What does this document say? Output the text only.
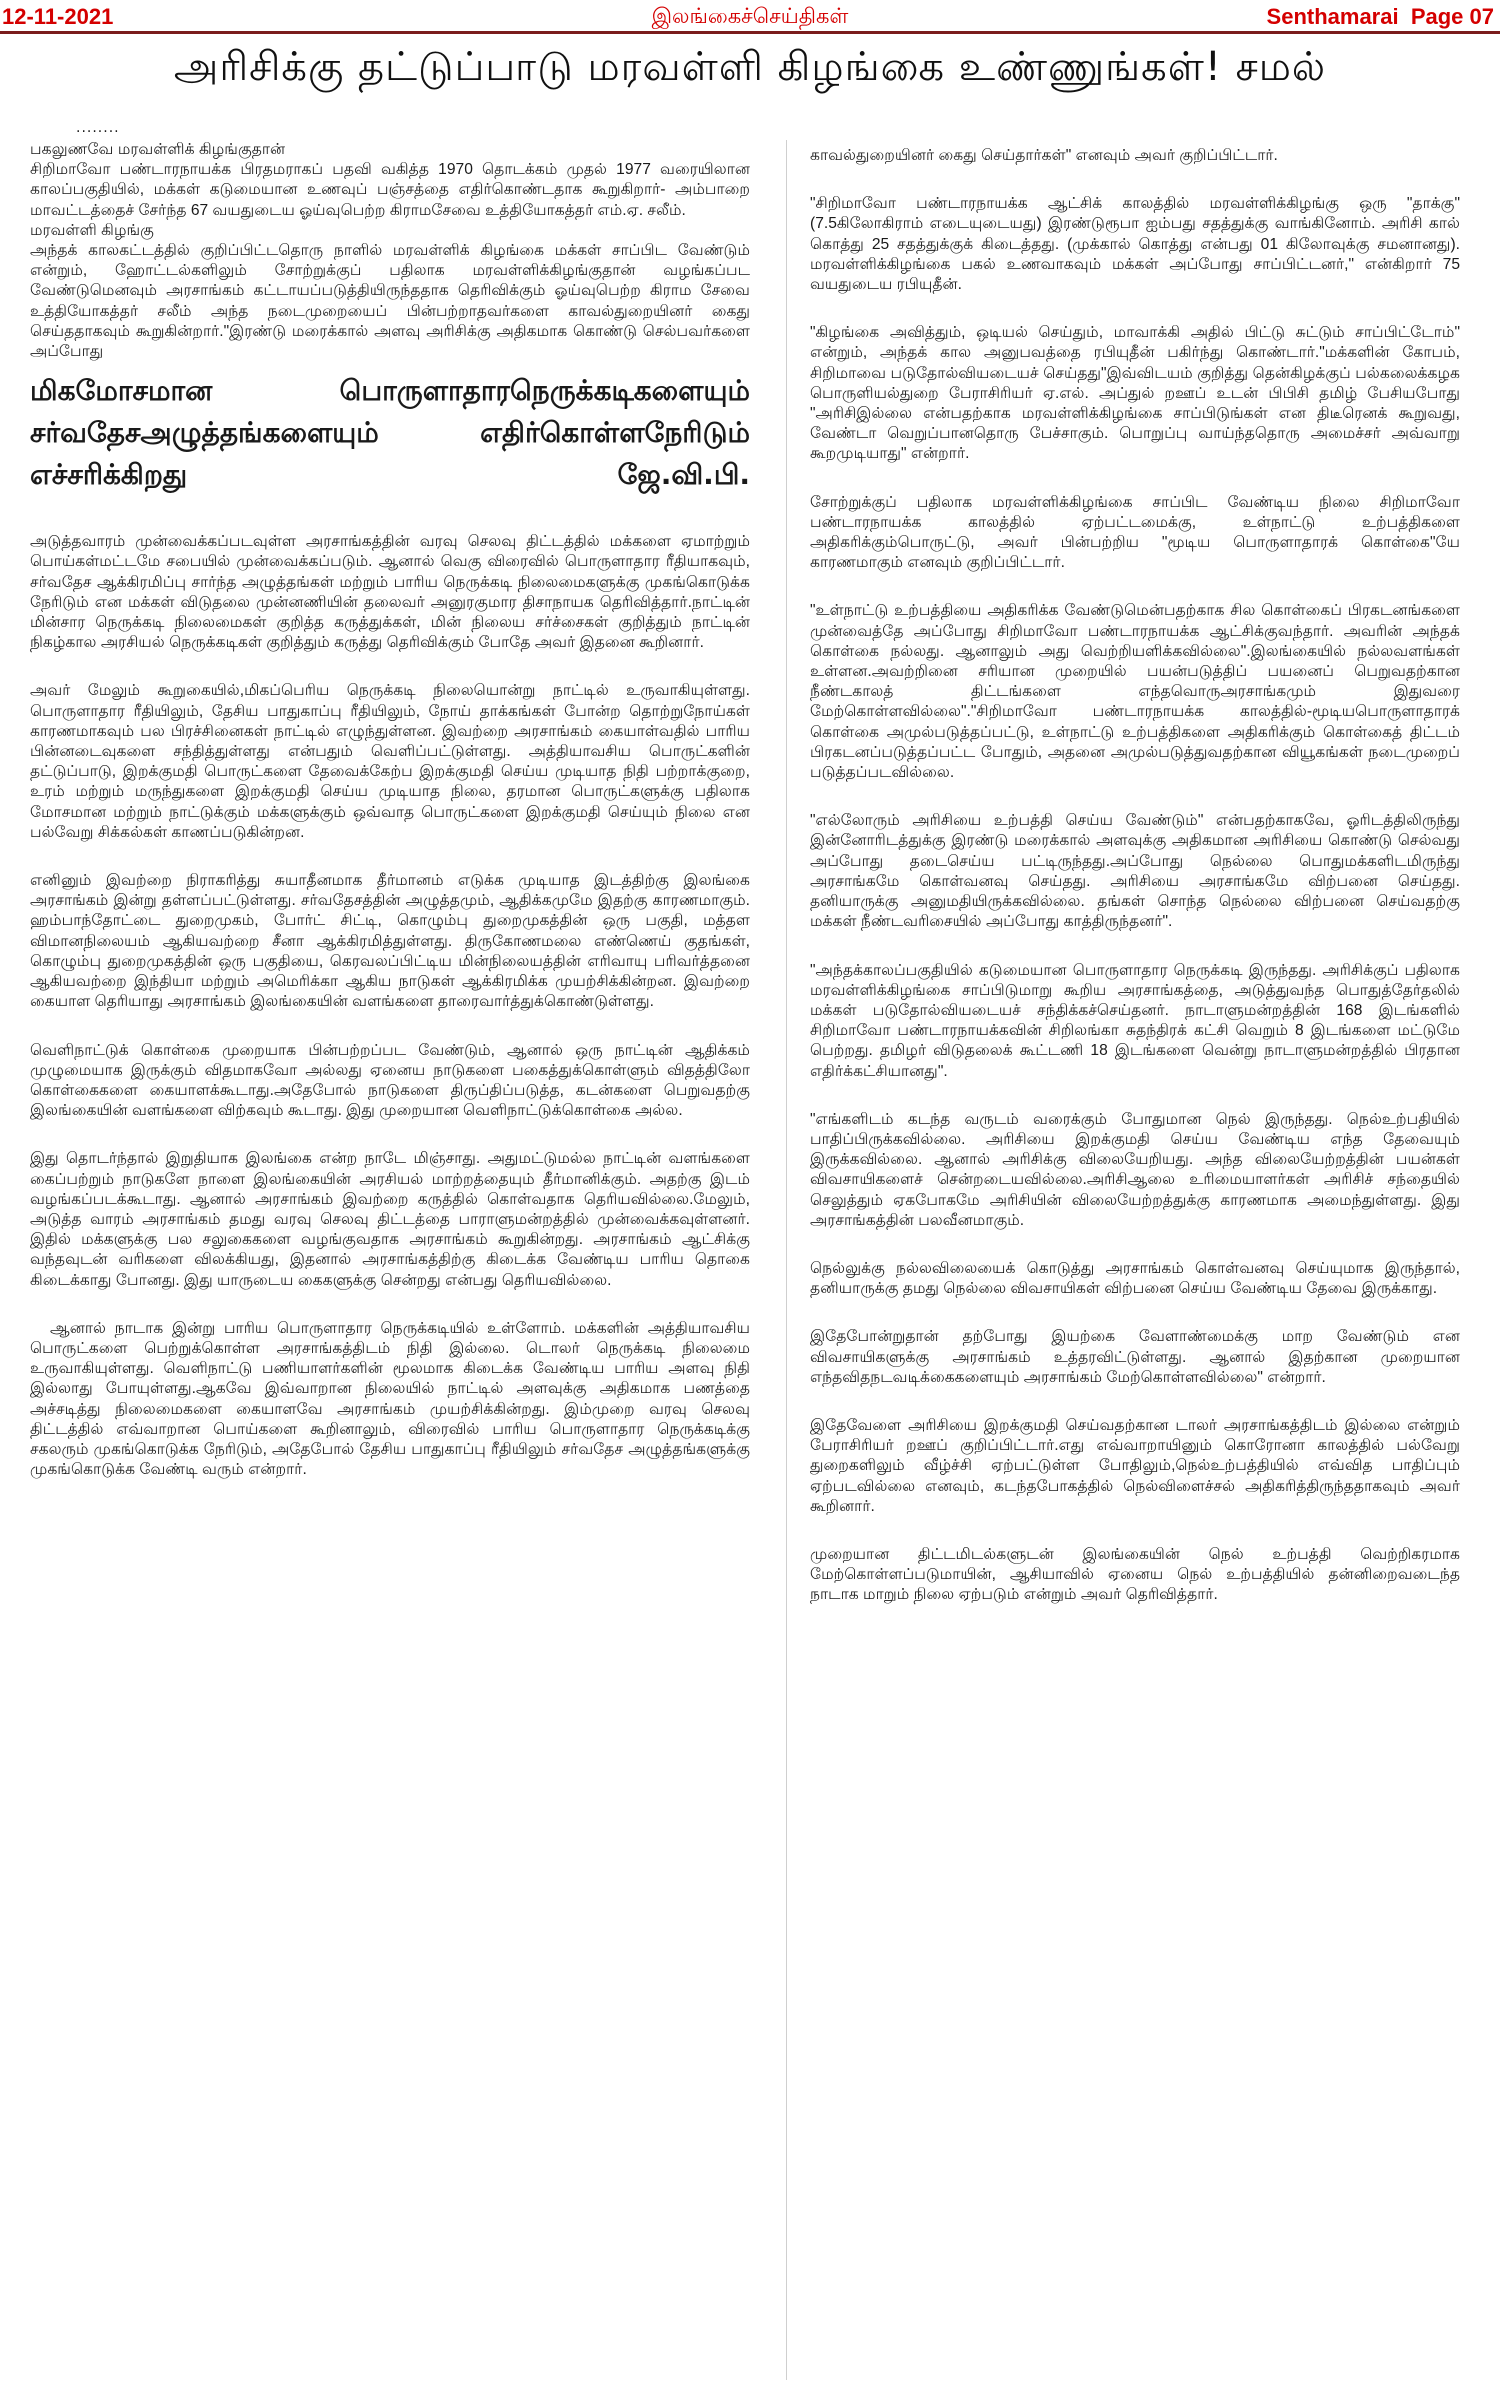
12-11-2021	இலங்கைச்செய்திகள்	Senthamarai Page 07
அரிசிக்கு தட்டுப்பாடு மரவள்ளி கிழங்கை உண்ணுங்கள்! சமல்
........

பகலுணவே மரவள்ளிக் கிழங்குதான்

சிறிமாவோ பண்டாரநாயக்க பிரதமராகப் பதவி வகித்த 1970 தொடக்கம் முதல் 1977 வரையிலான காலப்பகுதியில், மக்கள் கடுமையான உணவுப் பஞ்சத்தை எதிர்கொண்டதாக கூறுகிறார்- அம்பாறை மாவட்டத்தைச் சேர்ந்த 67 வயதுடைய ஓய்வுபெற்ற கிராமசேவை உத்தியோகத்தர் எம்.ஏ. சலீம்.

மரவள்ளி கிழங்கு

அந்தக் காலகட்டத்தில் குறிப்பிட்டதொரு நாளில் மரவள்ளிக் கிழங்கை மக்கள் சாப்பிட வேண்டும் என்றும், ஹோட்டல்களிலும் சோற்றுக்குப் பதிலாக மரவள்ளிக்கிழங்குதான் வழங்கப்பட வேண்டுமெனவும் அரசாங்கம் கட்டாயப்படுத்தியிருந்ததாக தெரிவிக்கும் ஓய்வுபெற்ற கிராம சேவை உத்தியோகத்தர் சலீம் அந்த நடைமுறையைப் பின்பற்றாதவர்களை காவல்துறையினர் கைது செய்ததாகவும் கூறுகின்றார்."இரண்டு மரைக்கால் அளவு அரிசிக்கு அதிகமாக கொண்டு செல்பவர்களை அப்போது

மிகமோசமான பொருளாதாரநெருக்கடிகளையும் சர்வதேசஅழுத்தங்களையும் எதிர்கொள்ளநேரிடும் எச்சரிக்கிறது ஜே.வி.பி.

அடுத்தவாரம் முன்வைக்கப்படவுள்ள அரசாங்கத்தின் வரவு செலவு திட்டத்தில் மக்களை ஏமாற்றும் பொய்கள்மட்டமே சபையில் முன்வைக்கப்படும். ஆனால் வெகு விரைவில் பொருளாதார ரீதியாகவும், சர்வதேச ஆக்கிரமிப்பு சார்ந்த அழுத்தங்கள் மற்றும் பாரிய நெருக்கடி நிலைமைகளுக்கு முகங்கொடுக்க நேரிடும் என மக்கள் விடுதலை முன்னணியின் தலைவர் அனுரகுமார திசாநாயக தெரிவித்தார்.நாட்டின் மின்சார நெருக்கடி நிலைமைகள் குறித்த கருத்துக்கள், மின் நிலைய சர்ச்சைகள் குறித்தும் நாட்டின் நிகழ்கால அரசியல் நெருக்கடிகள் குறித்தும் கருத்து தெரிவிக்கும் போதே அவர் இதனை கூறினார்.

அவர் மேலும் கூறுகையில்,மிகப்பெரிய நெருக்கடி நிலையொன்று நாட்டில் உருவாகியுள்ளது. பொருளாதார ரீதியிலும், தேசிய பாதுகாப்பு ரீதியிலும், நோய் தாக்கங்கள் போன்ற தொற்றுநோய்கள் காரணமாகவும் பல பிரச்சினைகள் நாட்டில் எழுந்துள்ளன. இவற்றை அரசாங்கம் கையாள்வதில் பாரிய பின்னடைவுகளை சந்தித்துள்ளது என்பதும் வெளிப்பட்டுள்ளது. அத்தியாவசிய பொருட்களின் தட்டுப்பாடு, இறக்குமதி பொருட்களை தேவைக்கேற்ப இறக்குமதி செய்ய முடியாத நிதி பற்றாக்குறை, உரம் மற்றும் மருந்துகளை இறக்குமதி செய்ய முடியாத நிலை, தரமான பொருட்களுக்கு பதிலாக மோசமான மற்றும் நாட்டுக்கும் மக்களுக்கும் ஒவ்வாத பொருட்களை இறக்குமதி செய்யும் நிலை என பல்வேறு சிக்கல்கள் காணப்படுகின்றன.

எனினும் இவற்றை நிராகரித்து சுயாதீனமாக தீர்மானம் எடுக்க முடியாத இடத்திற்கு இலங்கை அரசாங்கம் இன்று தள்ளப்பட்டுள்ளது. சர்வதேசத்தின் அழுத்தமும், ஆதிக்கமுமே இதற்கு காரணமாகும். ஹம்பாந்தோட்டை துறைமுகம், போர்ட் சிட்டி, கொழும்பு துறைமுகத்தின் ஒரு பகுதி, மத்தள விமானநிலையம் ஆகியவற்றை சீனா ஆக்கிரமித்துள்ளது. திருகோணமலை எண்ணெய் குதங்கள், கொழும்பு துறைமுகத்தின் ஒரு பகுதியை, கெரவலப்பிட்டிய மின்நிலையத்தின் எரிவாயு பரிவர்த்தனை ஆகியவற்றை இந்தியா மற்றும் அமெரிக்கா ஆகிய நாடுகள் ஆக்கிரமிக்க முயற்சிக்கின்றன. இவற்றை கையாள தெரியாது அரசாங்கம் இலங்கையின் வளங்களை தாரைவார்த்துக்கொண்டுள்ளது.

வெளிநாட்டுக் கொள்கை முறையாக பின்பற்றப்பட வேண்டும், ஆனால் ஒரு நாட்டின் ஆதிக்கம் முழுமையாக இருக்கும் விதமாகவோ அல்லது ஏனைய நாடுகளை பகைத்துக்கொள்ளும் விதத்திலோ கொள்கைகளை கையாளக்கூடாது.அதேபோல் நாடுகளை திருப்திப்படுத்த, கடன்களை பெறுவதற்கு இலங்கையின் வளங்களை விற்கவும் கூடாது. இது முறையான வெளிநாட்டுக்கொள்கை அல்ல.

இது தொடர்ந்தால் இறுதியாக இலங்கை என்ற நாடே மிஞ்சாது. அதுமட்டுமல்ல நாட்டின் வளங்களை கைப்பற்றும் நாடுகளே நாளை இலங்கையின் அரசியல் மாற்றத்தையும் தீர்மானிக்கும். அதற்கு இடம் வழங்கப்படக்கூடாது. ஆனால் அரசாங்கம் இவற்றை கருத்தில் கொள்வதாக தெரியவில்லை.மேலும், அடுத்த வாரம் அரசாங்கம் தமது வரவு செலவு திட்டத்தை பாராளுமன்றத்தில் முன்வைக்கவுள்ளனர். இதில் மக்களுக்கு பல சலுகைகளை வழங்குவதாக அரசாங்கம் கூறுகின்றது. அரசாங்கம் ஆட்சிக்கு வந்தவுடன் வரிகளை விலக்கியது, இதனால் அரசாங்கத்திற்கு கிடைக்க வேண்டிய பாரிய தொகை கிடைக்காது போனது. இது யாருடைய கைகளுக்கு சென்றது என்பது தெரியவில்லை.

ஆனால் நாடாக இன்று பாரிய பொருளாதார நெருக்கடியில் உள்ளோம். மக்களின் அத்தியாவசிய பொருட்களை பெற்றுக்கொள்ள அரசாங்கத்திடம் நிதி இல்லை. டொலர் நெருக்கடி நிலைமை உருவாகியுள்ளது. வெளிநாட்டு பணியாளர்களின் மூலமாக கிடைக்க வேண்டிய பாரிய அளவு நிதி இல்லாது போயுள்ளது.ஆகவே இவ்வாறான நிலையில் நாட்டில் அளவுக்கு அதிகமாக பணத்தை அச்சடித்து நிலைமைகளை கையாளவே அரசாங்கம் முயற்சிக்கின்றது. இம்முறை வரவு செலவு திட்டத்தில் எவ்வாறான பொய்களை கூறினாலும், விரைவில் பாரிய பொருளாதார நெருக்கடிக்கு சகலரும் முகங்கொடுக்க நேரிடும், அதேபோல் தேசிய பாதுகாப்பு ரீதியிலும் சர்வதேச அழுத்தங்களுக்கு முகங்கொடுக்க வேண்டி வரும் என்றார்.

காவல்துறையினர் கைது செய்தார்கள்" எனவும் அவர் குறிப்பிட்டார்.

"சிறிமாவோ பண்டாரநாயக்க ஆட்சிக் காலத்தில் மரவள்ளிக்கிழங்கு ஒரு "தாக்கு" (7.5கிலோகிராம் எடையுடையது) இரண்டுரூபா ஐம்பது சதத்துக்கு வாங்கினோம். அரிசி கால் கொத்து 25 சதத்துக்குக் கிடைத்தது. (முக்கால் கொத்து என்பது 01 கிலோவுக்கு சமனானது). மரவள்ளிக்கிழங்கை பகல் உணவாகவும் மக்கள் அப்போது சாப்பிட்டனர்," என்கிறார் 75 வயதுடைய ரபியுதீன்.

"கிழங்கை அவித்தும், ஒடியல் செய்தும், மாவாக்கி அதில் பிட்டு சுட்டும் சாப்பிட்டோம்" என்றும், அந்தக் கால அனுபவத்தை ரபியுதீன் பகிர்ந்து கொண்டார்."மக்களின் கோபம், சிறிமாவை படுதோல்வியடையச் செய்தது"இவ்விடயம் குறித்து தென்கிழக்குப் பல்கலைக்கழக பொருளியல்துறை பேராசிரியர் ஏ.எல். அப்துல் றஊப் உடன் பிபிசி தமிழ் பேசியபோது "அரிசிஇல்லை என்பதற்காக மரவள்ளிக்கிழங்கை சாப்பிடுங்கள் என திடீரெனக் கூறுவது, வேண்டா வெறுப்பானதொரு பேச்சாகும். பொறுப்பு வாய்ந்ததொரு அமைச்சர் அவ்வாறு கூறமுடியாது" என்றார்.

சோற்றுக்குப் பதிலாக மரவள்ளிக்கிழங்கை சாப்பிட வேண்டிய நிலை சிறிமாவோ பண்டாரநாயக்க காலத்தில் ஏற்பட்டமைக்கு, உள்நாட்டு உற்பத்திகளை அதிகரிக்கும்பொருட்டு, அவர் பின்பற்றிய "மூடிய பொருளாதாரக் கொள்கை"யே காரணமாகும் எனவும் குறிப்பிட்டார்.

"உள்நாட்டு உற்பத்தியை அதிகரிக்க வேண்டுமென்பதற்காக சில கொள்கைப் பிரகடனங்களை முன்வைத்தே அப்போது சிறிமாவோ பண்டாரநாயக்க ஆட்சிக்குவந்தார். அவரின் அந்தக் கொள்கை நல்லது. ஆனாலும் அது வெற்றியளிக்கவில்லை".இலங்கையில் நல்லவளங்கள் உள்ளன.அவற்றினை சரியான முறையில் பயன்படுத்திப் பயனைப் பெறுவதற்கான நீண்டகாலத் திட்டங்களை எந்தவொருஅரசாங்கமும் இதுவரை மேற்கொள்ளவில்லை"."சிறிமாவோ பண்டாரநாயக்க காலத்தில்-மூடியபொருளாதாரக் கொள்கை அமுல்படுத்தப்பட்டு, உள்நாட்டு உற்பத்திகளை அதிகரிக்கும் கொள்கைத் திட்டம் பிரகடனப்படுத்தப்பட்ட போதும், அதனை அமுல்படுத்துவதற்கான வியூகங்கள் நடைமுறைப் படுத்தப்படவில்லை.

"எல்லோரும் அரிசியை உற்பத்தி செய்ய வேண்டும்" என்பதற்காகவே, ஓரிடத்திலிருந்து இன்னோரிடத்துக்கு இரண்டு மரைக்கால் அளவுக்கு அதிகமான அரிசியை கொண்டு செல்வது அப்போது தடைசெய்ய பட்டிருந்தது.அப்போது நெல்லை பொதுமக்களிடமிருந்து அரசாங்கமே கொள்வனவு செய்தது. அரிசியை அரசாங்கமே விற்பனை செய்தது. தனியாருக்கு அனுமதியிருக்கவில்லை. தங்கள் சொந்த நெல்லை விற்பனை செய்வதற்கு மக்கள் நீண்டவரிசையில் அப்போது காத்திருந்தனர்".

"அந்தக்காலப்பகுதியில் கடுமையான பொருளாதார நெருக்கடி இருந்தது. அரிசிக்குப் பதிலாக மரவள்ளிக்கிழங்கை சாப்பிடுமாறு கூறிய அரசாங்கத்தை, அடுத்துவந்த பொதுத்தேர்தலில் மக்கள் படுதோல்வியடையச் சந்திக்கச்செய்தனர். நாடாளுமன்றத்தின் 168 இடங்களில் சிறிமாவோ பண்டாரநாயக்கவின் சிறிலங்கா சுதந்திரக் கட்சி வெறும் 8 இடங்களை மட்டுமே பெற்றது. தமிழர் விடுதலைக் கூட்டணி 18 இடங்களை வென்று நாடாளுமன்றத்தில் பிரதான எதிர்க்கட்சியானது".

"எங்களிடம் கடந்த வருடம் வரைக்கும் போதுமான நெல் இருந்தது. நெல்உற்பதியில் பாதிப்பிருக்கவில்லை. அரிசியை இறக்குமதி செய்ய வேண்டிய எந்த தேவையும் இருக்கவில்லை. ஆனால் அரிசிக்கு விலையேறியது. அந்த விலையேற்றத்தின் பயன்கள் விவசாயிகளைச் சென்றடையவில்லை.அரிசிஆலை உரிமையாளர்கள் அரிசிச் சந்தையில் செலுத்தும் ஏகபோகமே அரிசியின் விலையேற்றத்துக்கு காரணமாக அமைந்துள்ளது. இது அரசாங்கத்தின் பலவீனமாகும்.

நெல்லுக்கு நல்லவிலையைக் கொடுத்து அரசாங்கம் கொள்வனவு செய்யுமாக இருந்தால், தனியாருக்கு தமது நெல்லை விவசாயிகள் விற்பனை செய்ய வேண்டிய தேவை இருக்காது.

இதேபோன்றுதான் தற்போது இயற்கை வேளாண்மைக்கு மாற வேண்டும் என விவசாயிகளுக்கு அரசாங்கம் உத்தரவிட்டுள்ளது. ஆனால் இதற்கான முறையான எந்தவிதநடவடிக்கைகளையும் அரசாங்கம் மேற்கொள்ளவில்லை" என்றார்.

இதேவேளை அரிசியை இறக்குமதி செய்வதற்கான டாலர் அரசாங்கத்திடம் இல்லை என்றும் பேராசிரியர் றஊப் குறிப்பிட்டார்.எது எவ்வாறாயினும் கொரோனா காலத்தில் பல்வேறு துறைகளிலும் வீழ்ச்சி ஏற்பட்டுள்ள போதிலும்,நெல்உற்பத்தியில் எவ்வித பாதிப்பும் ஏற்படவில்லை எனவும், கடந்தபோகத்தில் நெல்விளைச்சல் அதிகரித்திருந்ததாகவும் அவர் கூறினார்.

முறையான திட்டமிடல்களுடன் இலங்கையின் நெல் உற்பத்தி வெற்றிகரமாக மேற்கொள்ளப்படுமாயின், ஆசியாவில் ஏனைய நெல் உற்பத்தியில் தன்னிறைவடைந்த நாடாக மாறும் நிலை ஏற்படும் என்றும் அவர் தெரிவித்தார்.
